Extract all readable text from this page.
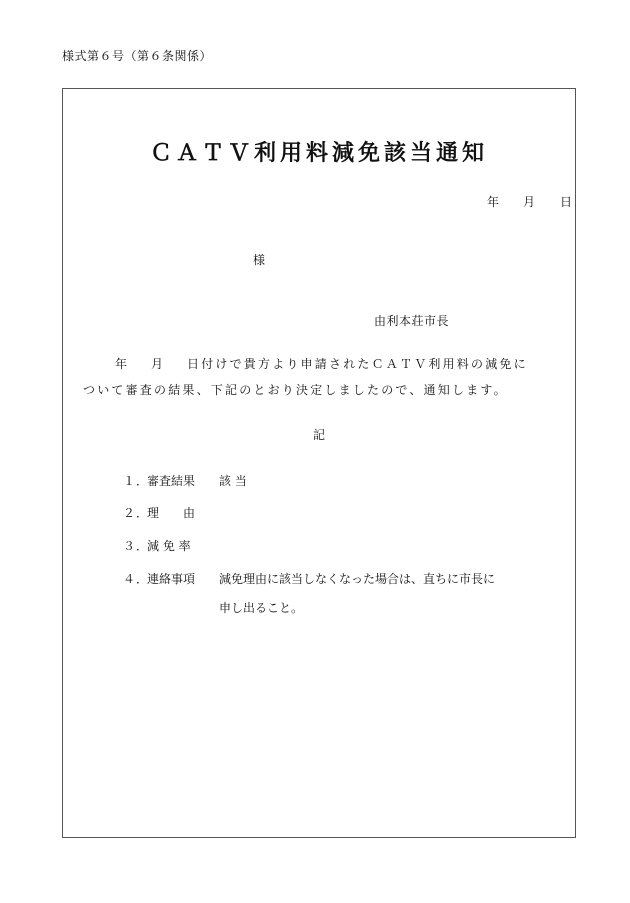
様式第６号（第６条関係）
ＣＡＴＶ利用料減免該当通知
年 月 日
様
由利本荘市長
年 月 日付けで貴方より申請されたＣＡＴＶ利用料の減免に
ついて審査の結果、下記のとおり決定しましたので、通知します。
記
１．
審査結果 該 当
２．
理　　由
３．
減 免 率
４．
連絡事項 減免理由に該当しなくなった場合は、直ちに市長に
申し出ること。
